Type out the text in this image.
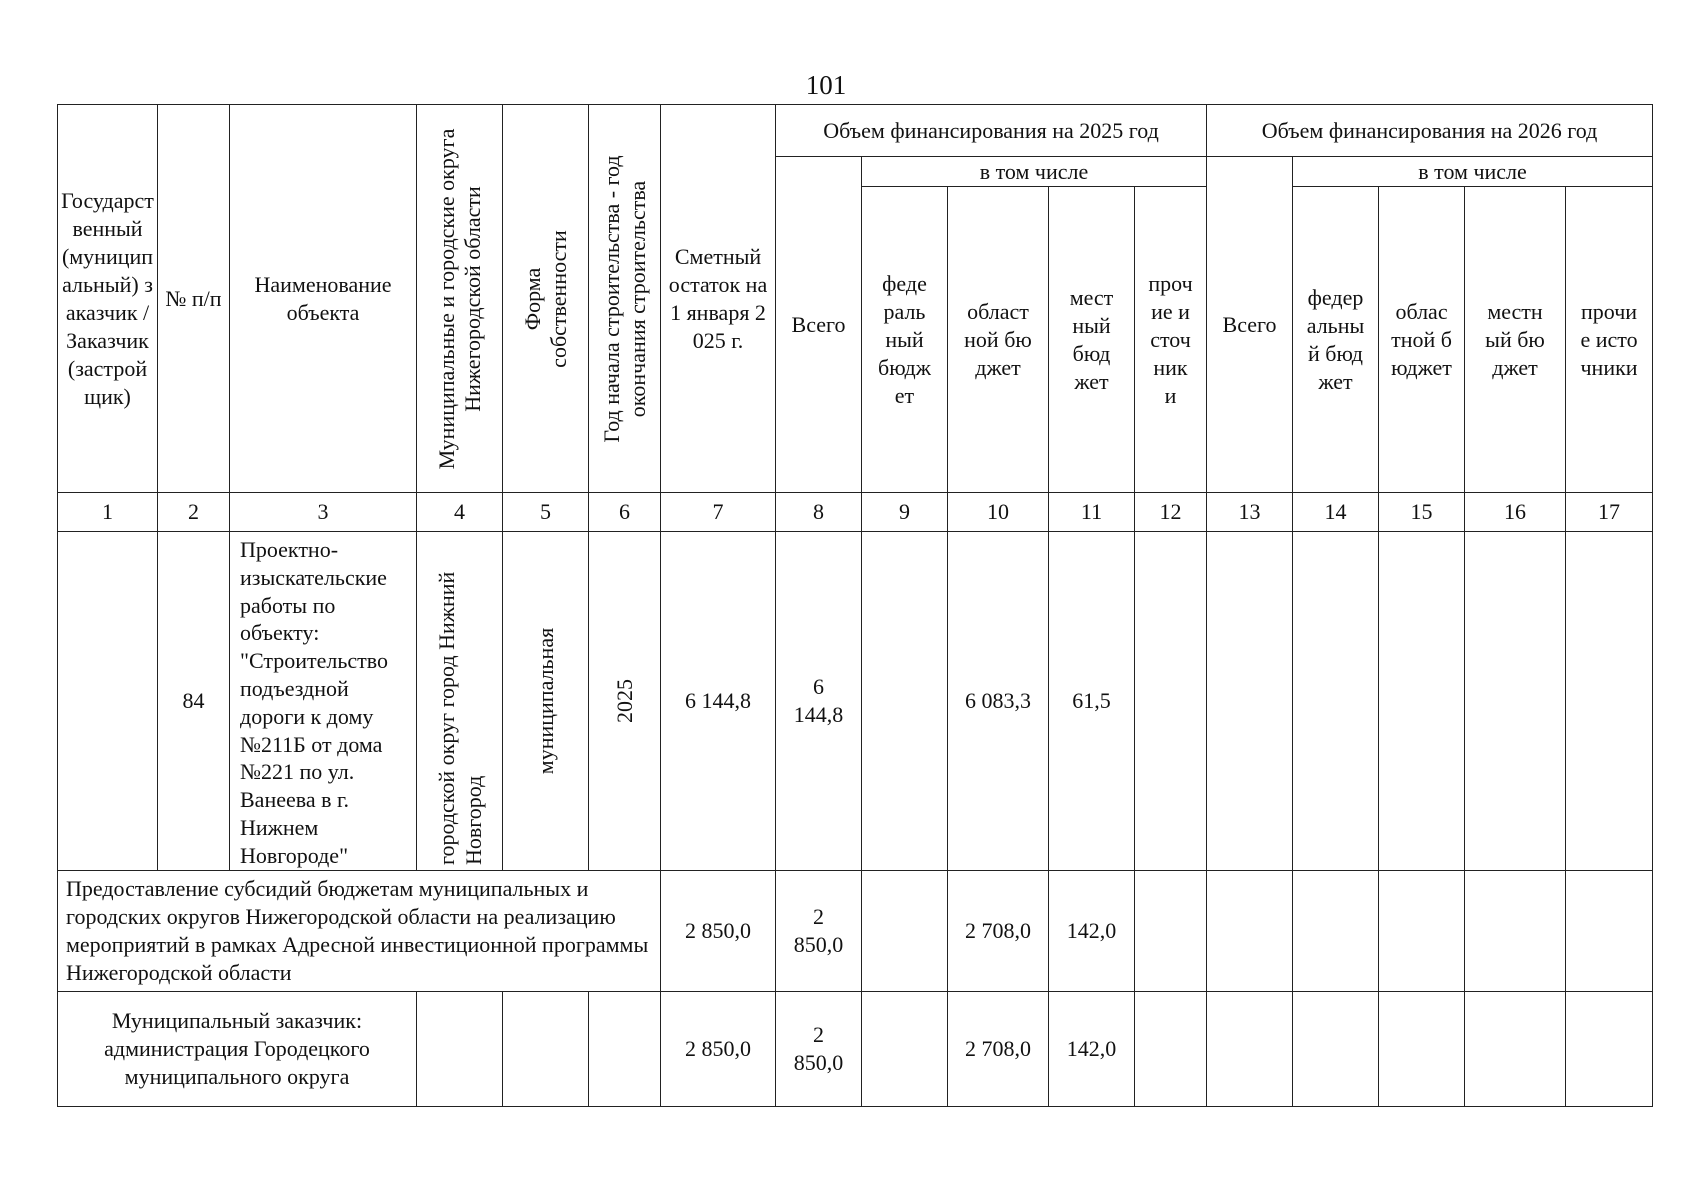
101
Государственный (муниципальный) заказчик / Заказчик (застройщик)	№ п/п	Наименование объекта	Муниципальные и городские округа Нижегородской области	Форма собственности	Год начала строительства - год окончания строительства	Сметный остаток на 1 января 2025 г.	Объем финансирования на 2025 год					Объем финансирования на 2026 год				
							Всего	в том числе				Всего	в том числе			
								федеральный бюджет	областной бюджет	местный бюджет	прочие источники		федеральный бюджет	областной бюджет	местный бюджет	прочие источники
1	2	3	4	5	6	7	8	9	10	11	12	13	14	15	16	17
	84	Проектно-изыскательские работы по объекту: "Строительство подъездной дороги к дому №211Б от дома №221 по ул. Ванеева в г. Нижнем Новгороде"	городской округ город Нижний Новгород	муниципальная	2025	6 144,8	6 144,8		6 083,3	61,5						
Предоставление субсидий бюджетам муниципальных и городских округов Нижегородской области на реализацию мероприятий в рамках Адресной инвестиционной программы Нижегородской области						2 850,0	2 850,0		2 708,0	142,0						
Муниципальный заказчик: администрация Городецкого муниципального округа						2 850,0	2 850,0		2 708,0	142,0						
